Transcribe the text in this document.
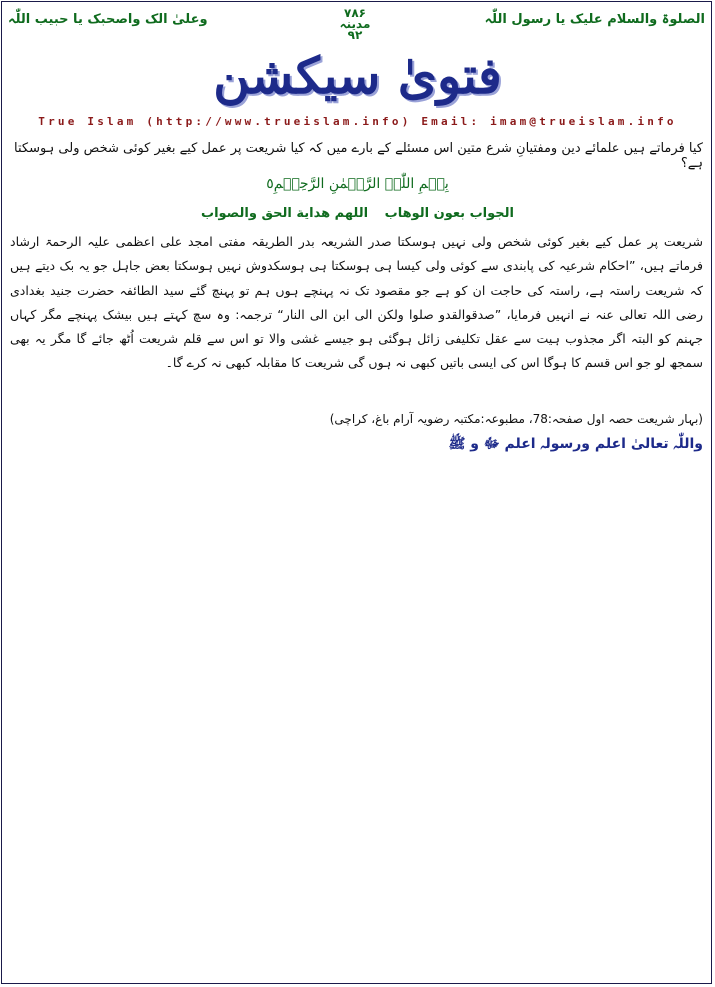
الصلوۃ والسلام علیک یا رسول اللّٰہ
۷۸۶
مدینہ
۹۲
وعلیٰ الک واصحبک یا حبیب اللّٰہ
فتویٰ سیکشن
True Islam (http://www.trueislam.info) Email: imam@trueislam.info
کیا فرماتے ہیں علمائے دین ومفتیانِ شرع متین اس مسئلے کے بارے میں کہ کیا شریعت پر عمل کیے بغیر کوئی شخص ولی ہوسکتا ہے؟
بِسۡمِ اللّٰہِ الرَّحۡمٰنِ الرَّحِیۡمِ٥
الجواب بعون الوهاب اللهم هداية الحق والصواب
شریعت پر عمل کیے بغیر کوئی شخص ولی نہیں ہوسکتا صدر الشریعہ بدر الطریقہ مفتی امجد علی اعظمی علیہ الرحمۃ ارشاد فرماتے ہیں، ”احکام شرعیہ کی پابندی سے کوئی ولی کیسا ہی ہوسکتا ہی ہوسکدوش نہیں ہوسکتا بعض جاہل جو یہ بک دیتے ہیں کہ شریعت راستہ ہے، راستہ کی حاجت ان کو ہے جو مقصود تک نہ پہنچے ہوں ہم تو پہنچ گئے سید الطائفہ حضرت جنید بغدادی رضی اللہ تعالی عنہ نے انہیں فرمایا، ”صدقوالقدو صلوا ولکن الی ابن الی النار“ ترجمہ: وہ سچ کہتے ہیں بیشک پہنچے مگر کہاں جہنم کو البتہ اگر مجذوب ہیت سے عقل تکلیفی زائل ہوگئی ہو جیسے غشی والا تو اس سے قلم شریعت اُٹھ جائے گا مگر یہ بھی سمجھ لو جو اس قسم کا ہوگا اس کی ایسی باتیں کبھی نہ ہوں گی شریعت کا مقابلہ کبھی نہ کرے گا۔
(بہار شریعت حصہ اول صفحہ:78، مطبوعہ:مکتبہ رضویہ آرام باغ، کراچی)
واللّٰہ تعالیٰ اعلم ورسولہ اعلم ﷻ و ﷺ
